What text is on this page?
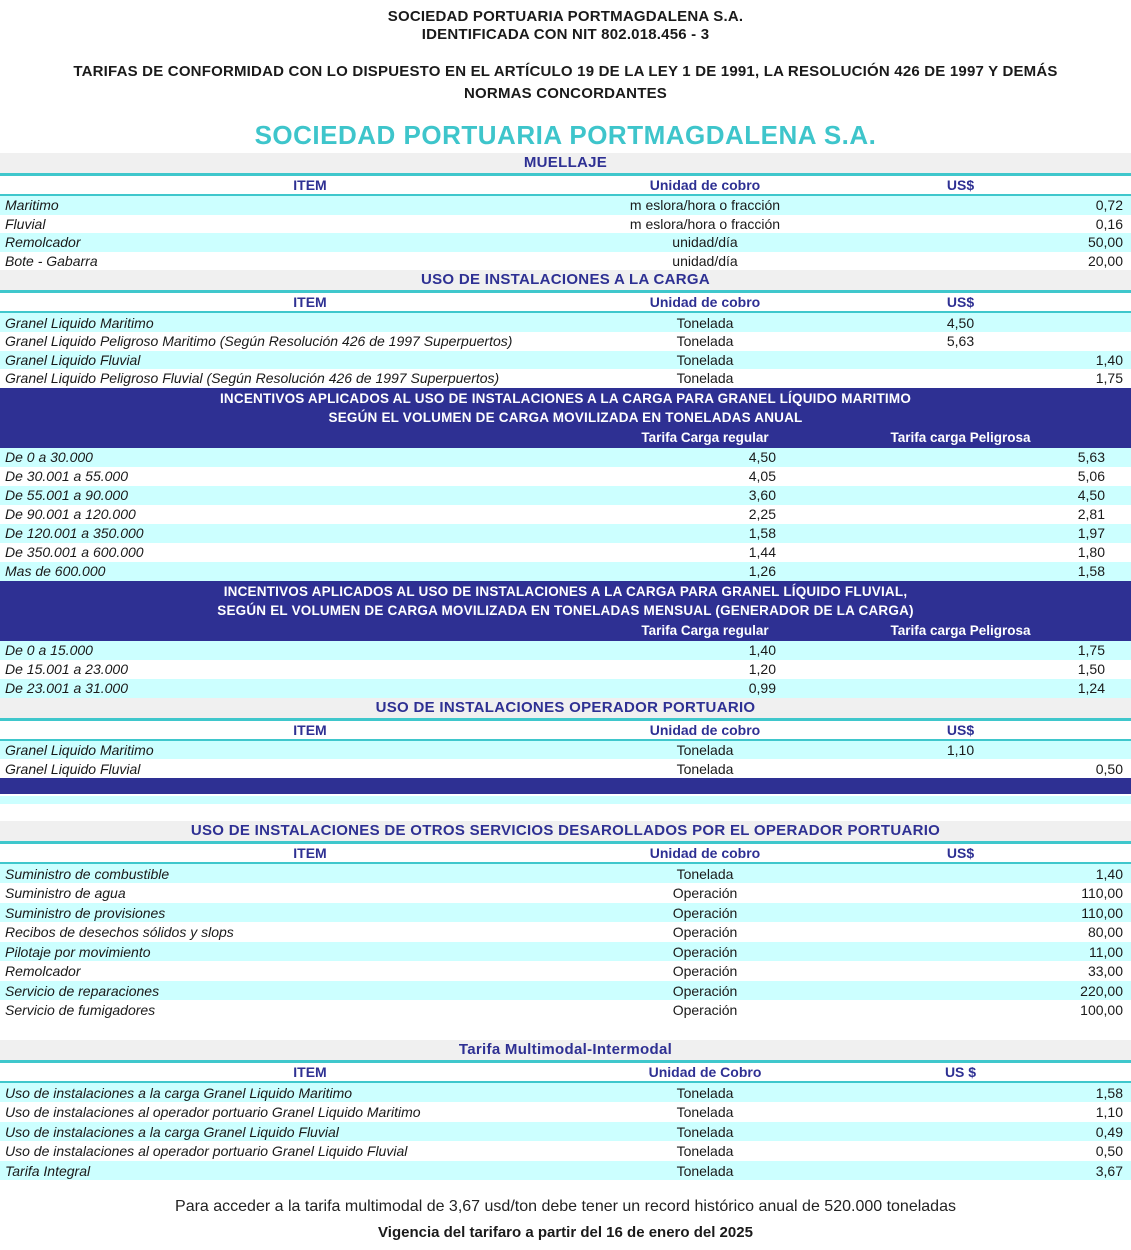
SOCIEDAD PORTUARIA PORTMAGDALENA S.A.
IDENTIFICADA CON NIT 802.018.456 - 3
TARIFAS DE CONFORMIDAD CON LO DISPUESTO EN EL ARTÍCULO 19 DE LA LEY 1 DE 1991, LA RESOLUCIÓN 426 DE 1997 Y DEMÁS
NORMAS CONCORDANTES
SOCIEDAD PORTUARIA PORTMAGDALENA S.A.
MUELLAJE
ITEM	Unidad de cobro	US$
Maritimo	m eslora/hora o fracción	0,72
Fluvial	m eslora/hora o fracción	0,16
Remolcador	unidad/día	50,00
Bote - Gabarra	unidad/día	20,00
USO DE INSTALACIONES A LA CARGA
ITEM	Unidad de cobro	US$
Granel Liquido Maritimo	Tonelada	4,50
Granel Liquido Peligroso Maritimo (Según Resolución 426 de 1997 Superpuertos)	Tonelada	5,63
Granel Liquido Fluvial	Tonelada	1,40
Granel Liquido Peligroso Fluvial (Según Resolución 426 de 1997 Superpuertos)	Tonelada	1,75
INCENTIVOS APLICADOS AL USO DE INSTALACIONES A LA CARGA PARA GRANEL LÍQUIDO MARITIMO
SEGÚN EL VOLUMEN DE CARGA MOVILIZADA EN TONELADAS ANUAL
Tarifa Carga regular	Tarifa carga Peligrosa
De 0 a 30.000	4,50	5,63
De 30.001 a 55.000	4,05	5,06
De 55.001 a 90.000	3,60	4,50
De 90.001 a 120.000	2,25	2,81
De 120.001 a 350.000	1,58	1,97
De 350.001 a 600.000	1,44	1,80
Mas de 600.000	1,26	1,58
INCENTIVOS APLICADOS AL USO DE INSTALACIONES A LA CARGA PARA GRANEL LÍQUIDO FLUVIAL,
SEGÚN EL VOLUMEN DE CARGA MOVILIZADA EN TONELADAS MENSUAL (GENERADOR DE LA CARGA)
Tarifa Carga regular	Tarifa carga Peligrosa
De 0 a 15.000	1,40	1,75
De 15.001 a 23.000	1,20	1,50
De 23.001 a 31.000	0,99	1,24
USO DE INSTALACIONES OPERADOR PORTUARIO
ITEM	Unidad de cobro	US$
Granel Liquido Maritimo	Tonelada	1,10
Granel Liquido Fluvial	Tonelada	0,50
USO DE INSTALACIONES DE OTROS SERVICIOS DESAROLLADOS POR EL OPERADOR PORTUARIO
ITEM	Unidad de cobro	US$
Suministro de combustible	Tonelada	1,40
Suministro de agua	Operación	110,00
Suministro de provisiones	Operación	110,00
Recibos de desechos sólidos y slops	Operación	80,00
Pilotaje por movimiento	Operación	11,00
Remolcador	Operación	33,00
Servicio de reparaciones	Operación	220,00
Servicio de fumigadores	Operación	100,00
Tarifa Multimodal-Intermodal
ITEM	Unidad de Cobro	US $
Uso de instalaciones a la carga Granel Liquido Maritimo	Tonelada	1,58
Uso de instalaciones al operador portuario Granel Liquido Maritimo	Tonelada	1,10
Uso de instalaciones a la carga Granel Liquido Fluvial	Tonelada	0,49
Uso de instalaciones al operador portuario Granel Liquido Fluvial	Tonelada	0,50
Tarifa Integral	Tonelada	3,67
Para acceder a la tarifa multimodal de 3,67 usd/ton debe tener un record histórico anual de 520.000 toneladas
Vigencia del tarifaro a partir del 16 de enero del 2025
